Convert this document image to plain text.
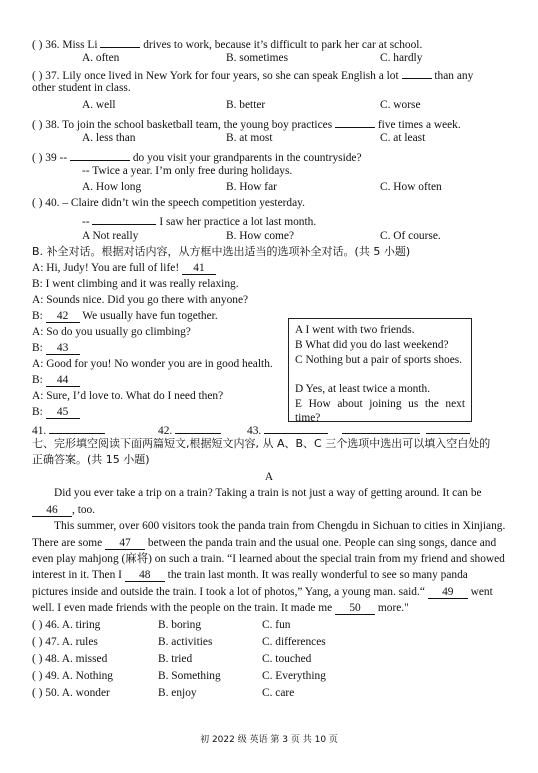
( ) 36. Miss Li	drives to work, because it’s difficult to park her car at school.
A. often	B. sometimes	C. hardly
( ) 37. Lily once lived in New York for four years, so she can speak English a lot	than any
other student in class.
A. well	B. better	C. worse
( ) 38. To join the school basketball team, the young boy practices	five times a week.
A. less than	B. at most	C. at least
( ) 39 --	do you visit your grandparents in the countryside?
-- Twice a year. I’m only free during holidays.
A. How long	B. How far	C. How often
( ) 40. – Claire didn’t win the speech competition yesterday.
--	I saw her practice a lot last month.
A Not really	B. How come?	C. Of course.
B. 补全对话。根据对话内容，从方框中选出适当的选项补全对话。(共 5 小题)
A: Hi, Judy! You are full of life! 41
B: I went climbing and it was really relaxing.
A: Sounds nice. Did you go there with anyone?
B: 42 We usually have fun together.
A: So do you usually go climbing?
B: 43
A: Good for you! No wonder you are in good health.
B: 44
A: Sure, I’d love to. What do I need then?
B: 45
41.	42.	43.
A I went with two friends.
B What did you do last weekend?
C Nothing but a pair of sports shoes.
D Yes, at least twice a month.
E How about joining us the next time?
七、完形填空阅读下面两篇短文,根据短文内容, 从 A、B、C 三个选项中选出可以填入空白处的
正确答案。(共 15 小题)
A
Did you ever take a trip on a train? Taking a train is not just a way of getting around. It can be
46 , too.
This summer, over 600 visitors took the panda train from Chengdu in Sichuan to cities in Xinjiang.
There are some 47 between the panda train and the usual one. People can sing songs, dance and
even play mahjong (麻将) on such a train. “I learned about the special train from my friend and showed
interest in it. Then I 48 the train last month. It was really wonderful to see so many panda
pictures inside and outside the train. I took a lot of photos,” Yang, a young man. said.“ 49 went
well. I even made friends with the people on the train. It made me 50 more."
( ) 46. A. tiring	B. boring	C. fun
( ) 47. A. rules	B. activities	C. differences
( ) 48. A. missed	B. tried	C. touched
( ) 49. A. Nothing	B. Something	C. Everything
( ) 50. A. wonder	B. enjoy	C. care
初 2022 级 英语 第 3 页 共 10 页
